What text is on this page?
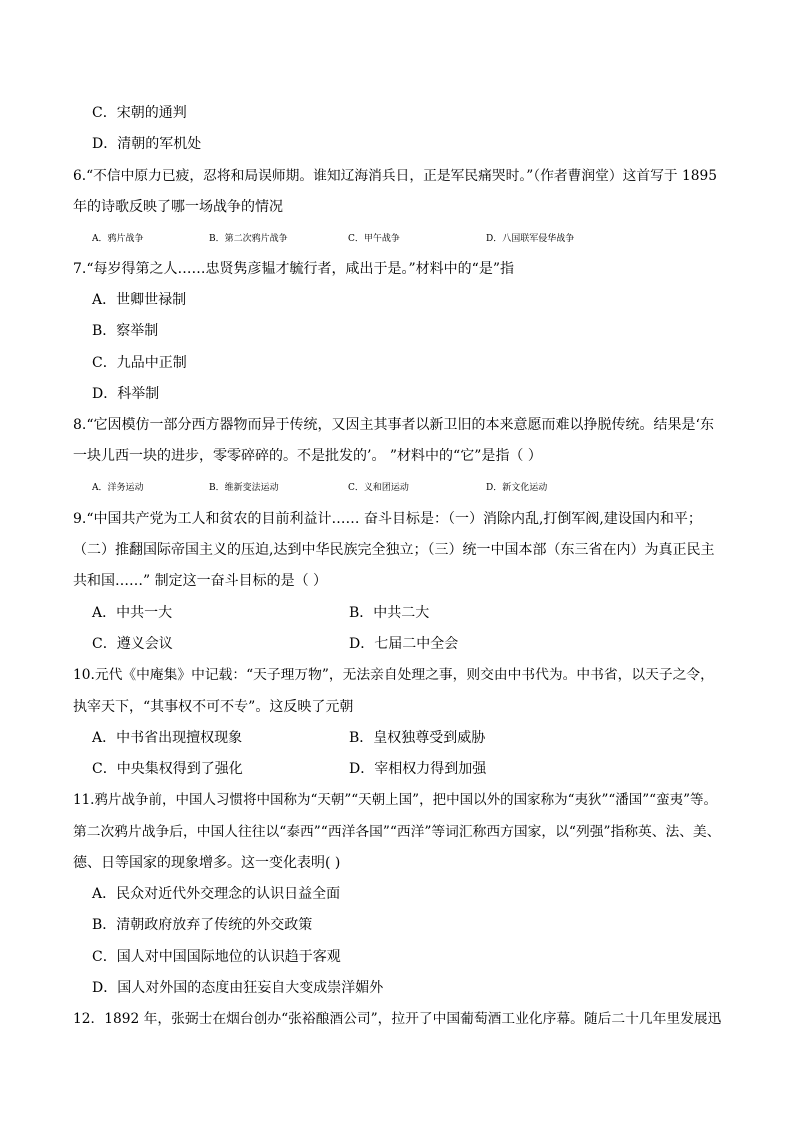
C．宋朝的通判
D．清朝的军机处
6.“不信中原力已疲，忍将和局误师期。谁知辽海消兵日，正是军民痛哭时。”（作者曹润堂）这首写于 1895
年的诗歌反映了哪一场战争的情况
A．鸦片战争	B．第二次鸦片战争	C．甲午战争	D．八国联军侵华战争
7.“每岁得第之人……忠贤隽彦韫才毓行者，咸出于是。”材料中的“是”指
A．世卿世禄制
B．察举制
C．九品中正制
D．科举制
8.“它因模仿一部分西方器物而异于传统，又因主其事者以新卫旧的本来意愿而难以挣脱传统。结果是‘东
一块儿西一块的进步，零零碎碎的。不是批发的’。 ”材料中的“它”是指（ ）
A．洋务运动	B．维新变法运动	C．义和团运动	D．新文化运动
9.“中国共产党为工人和贫农的目前利益计…… 奋斗目标是：（一）消除内乱,打倒军阀,建设国内和平；
（二）推翻国际帝国主义的压迫,达到中华民族完全独立；（三）统一中国本部（东三省在内）为真正民主
共和国……” 制定这一奋斗目标的是（ ）
A．中共一大	B．中共二大
C．遵义会议	D．七届二中全会
10.元代《中庵集》中记载：“天子理万物”，无法亲自处理之事，则交由中书代为。中书省，以天子之令，
执宰天下，“其事权不可不专”。这反映了元朝
A．中书省出现擅权现象	B．皇权独尊受到威胁
C．中央集权得到了强化	D．宰相权力得到加强
11.鸦片战争前，中国人习惯将中国称为“天朝”“天朝上国”，把中国以外的国家称为“夷狄”“潘国”“蛮夷”等。
第二次鸦片战争后，中国人往往以“泰西”“西洋各国”“西洋”等词汇称西方国家，以“列强”指称英、法、美、
德、日等国家的现象增多。这一变化表明( )
A．民众对近代外交理念的认识日益全面
B．清朝政府放弃了传统的外交政策
C．国人对中国国际地位的认识趋于客观
D．国人对外国的态度由狂妄自大变成崇洋媚外
12．1892 年，张弼士在烟台创办“张裕酿酒公司”，拉开了中国葡萄酒工业化序幕。随后二十几年里发展迅
